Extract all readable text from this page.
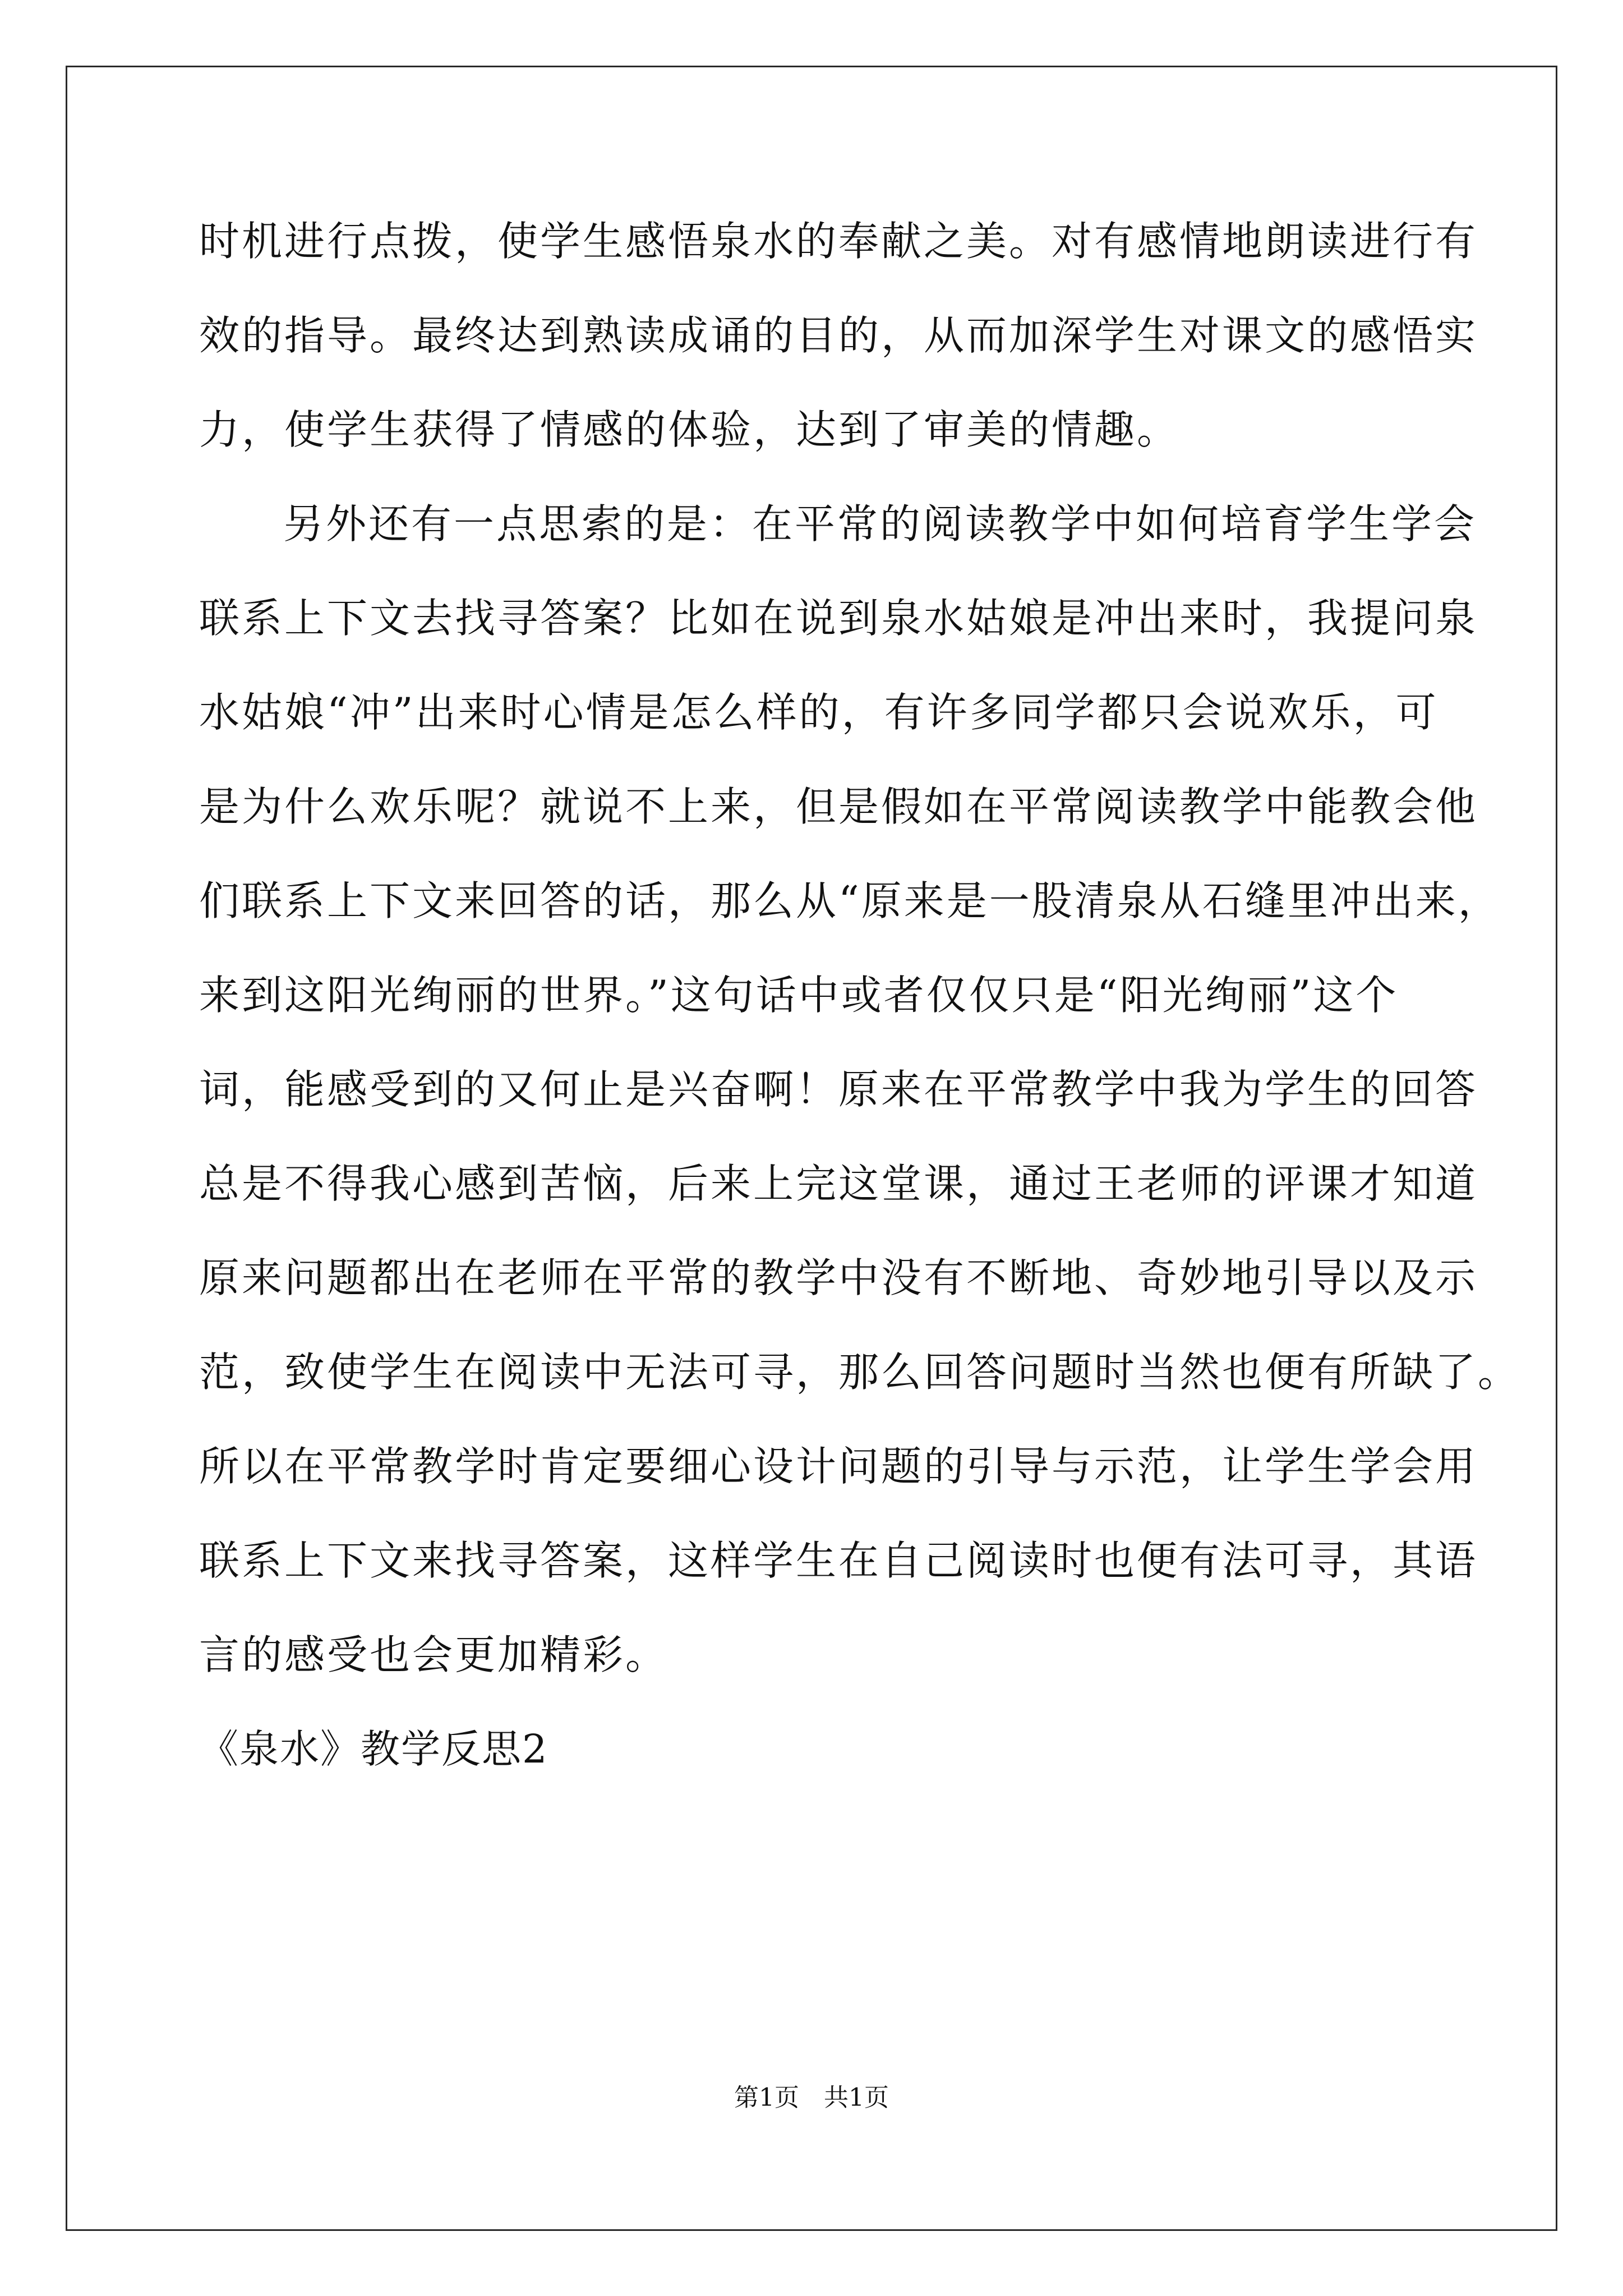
时机进行点拨，使学生感悟泉水的奉献之美。对有感情地朗读进行有
效的指导。最终达到熟读成诵的目的，从而加深学生对课文的感悟实
力，使学生获得了情感的体验，达到了审美的情趣。
另外还有一点思索的是：在平常的阅读教学中如何培育学生学会
联系上下文去找寻答案？比如在说到泉水姑娘是冲出来时，我提问泉
水姑娘“冲”出来时心情是怎么样的，有许多同学都只会说欢乐，可
是为什么欢乐呢？就说不上来，但是假如在平常阅读教学中能教会他
们联系上下文来回答的话，那么从“原来是一股清泉从石缝里冲出来，
来到这阳光绚丽的世界。”这句话中或者仅仅只是“阳光绚丽”这个
词，能感受到的又何止是兴奋啊！原来在平常教学中我为学生的回答
总是不得我心感到苦恼，后来上完这堂课，通过王老师的评课才知道
原来问题都出在老师在平常的教学中没有不断地、奇妙地引导以及示
范，致使学生在阅读中无法可寻，那么回答问题时当然也便有所缺了。
所以在平常教学时肯定要细心设计问题的引导与示范，让学生学会用
联系上下文来找寻答案，这样学生在自己阅读时也便有法可寻，其语
言的感受也会更加精彩。
《泉水》教学反思2
第1页　共1页
